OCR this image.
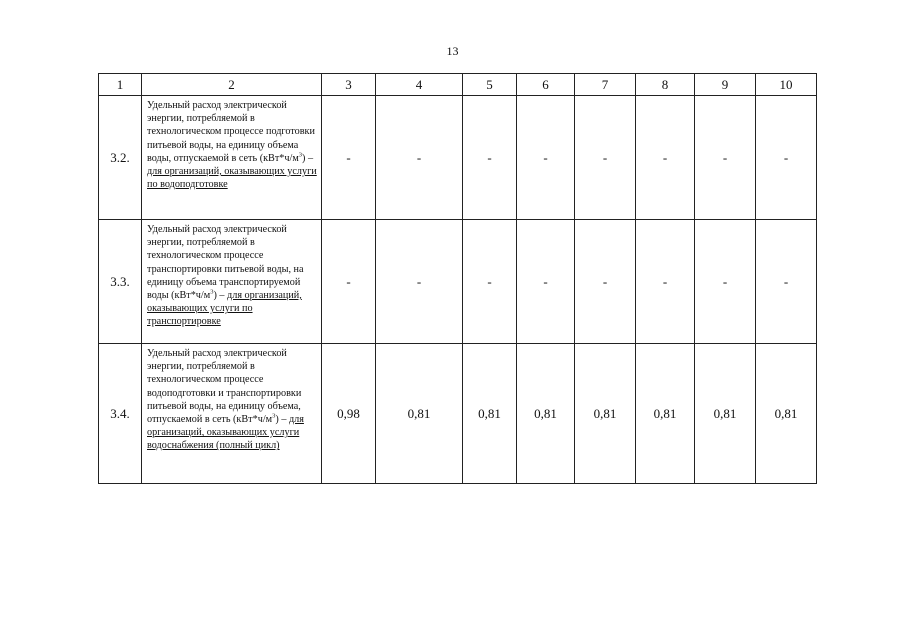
13
1	2	3	4	5	6	7	8	9	10
3.2.	Удельный расход электрической энергии, потребляемой в технологическом процессе подготовки питьевой воды, на единицу объема воды, отпускаемой в сеть $(кВт*ч/м^3)$ – для организаций, оказывающих услуги по водоподготовке	-	-	-	-	-	-	-	-
3.3.	Удельный расход электрической энергии, потребляемой в технологическом процессе транспортировки питьевой воды, на единицу объема транспортируемой воды $(кВт*ч/м^3)$ – для организаций, оказывающих услуги по транспортировке	-	-	-	-	-	-	-	-
3.4.	Удельный расход электрической энергии, потребляемой в технологическом процессе водоподготовки и транспортировки питьевой воды, на единицу объема, отпускаемой в сеть $(кВт*ч/м^3)$ – для организаций, оказывающих услуги водоснабжения (полный цикл)	0,98	0,81	0,81	0,81	0,81	0,81	0,81	0,81
